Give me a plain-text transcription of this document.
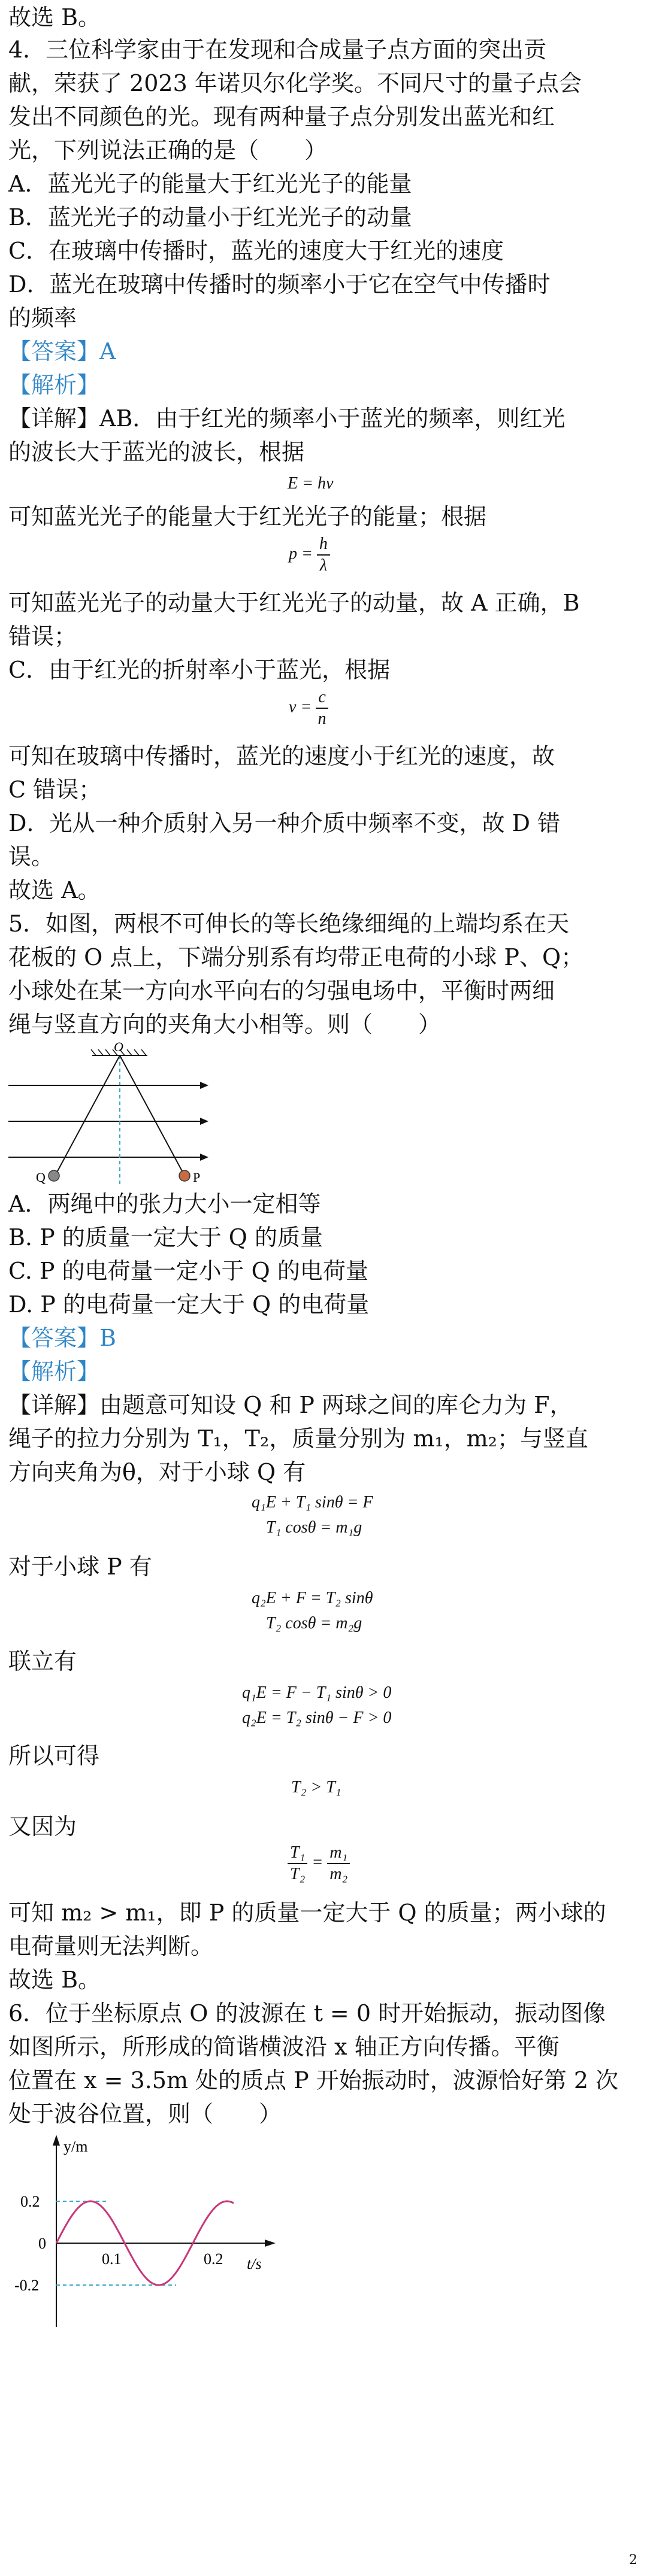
故选 B。
4．三位科学家由于在发现和合成量子点方面的突出贡
献，荣获了 2023 年诺贝尔化学奖。不同尺寸的量子点会
发出不同颜色的光。现有两种量子点分别发出蓝光和红
光，下列说法正确的是（　　）
A．蓝光光子的能量大于红光光子的能量
B．蓝光光子的动量小于红光光子的动量
C．在玻璃中传播时，蓝光的速度大于红光的速度
D．蓝光在玻璃中传播时的频率小于它在空气中传播时
的频率
【答案】A
【解析】
【详解】AB．由于红光的频率小于蓝光的频率，则红光
的波长大于蓝光的波长，根据
E = hν
可知蓝光光子的能量大于红光光子的能量；根据
$p = \frac{h}{\lambda}$
可知蓝光光子的动量大于红光光子的动量，故 A 正确，B
错误；
C．由于红光的折射率小于蓝光，根据
$v = \frac{c}{n}$
可知在玻璃中传播时，蓝光的速度小于红光的速度，故
C 错误；
D．光从一种介质射入另一种介质中频率不变，故 D 错
误。
故选 A。
5．如图，两根不可伸长的等长绝缘细绳的上端均系在天
花板的 O 点上，下端分别系有均带正电荷的小球 P、Q；
小球处在某一方向水平向右的匀强电场中，平衡时两细
绳与竖直方向的夹角大小相等。则（　　）
O
Q	P
A．两绳中的张力大小一定相等
B. P 的质量一定大于 Q 的质量
C. P 的电荷量一定小于 Q 的电荷量
D. P 的电荷量一定大于 Q 的电荷量
【答案】B
【解析】
【详解】由题意可知设 Q 和 P 两球之间的库仑力为 F，
绳子的拉力分别为 T₁，T₂，质量分别为 m₁，m₂；与竖直
方向夹角为θ，对于小球 Q 有
q₁E + T₁ sinθ = F
T₁ cosθ = m₁g
对于小球 P 有
q₂E + F = T₂ sinθ
T₂ cosθ = m₂g
联立有
q₁E = F − T₁ sinθ > 0
q₂E = T₂ sinθ − F > 0
所以可得
T₂ > T₁
又因为
$\frac{\text{T₁}}{\text{T₂}} = \frac{\text{m₁}}{\text{m₂}}$
可知 m₂ > m₁，即 P 的质量一定大于 Q 的质量；两小球的
电荷量则无法判断。
故选 B。
6．位于坐标原点 O 的波源在 t = 0 时开始振动，振动图像
如图所示，所形成的简谐横波沿 x 轴正方向传播。平衡
位置在 x = 3.5m 处的质点 P 开始振动时，波源恰好第 2 次
处于波谷位置，则（　　）
y/m
t/s
0.2
0
-0.2
0.1	0.2
2
